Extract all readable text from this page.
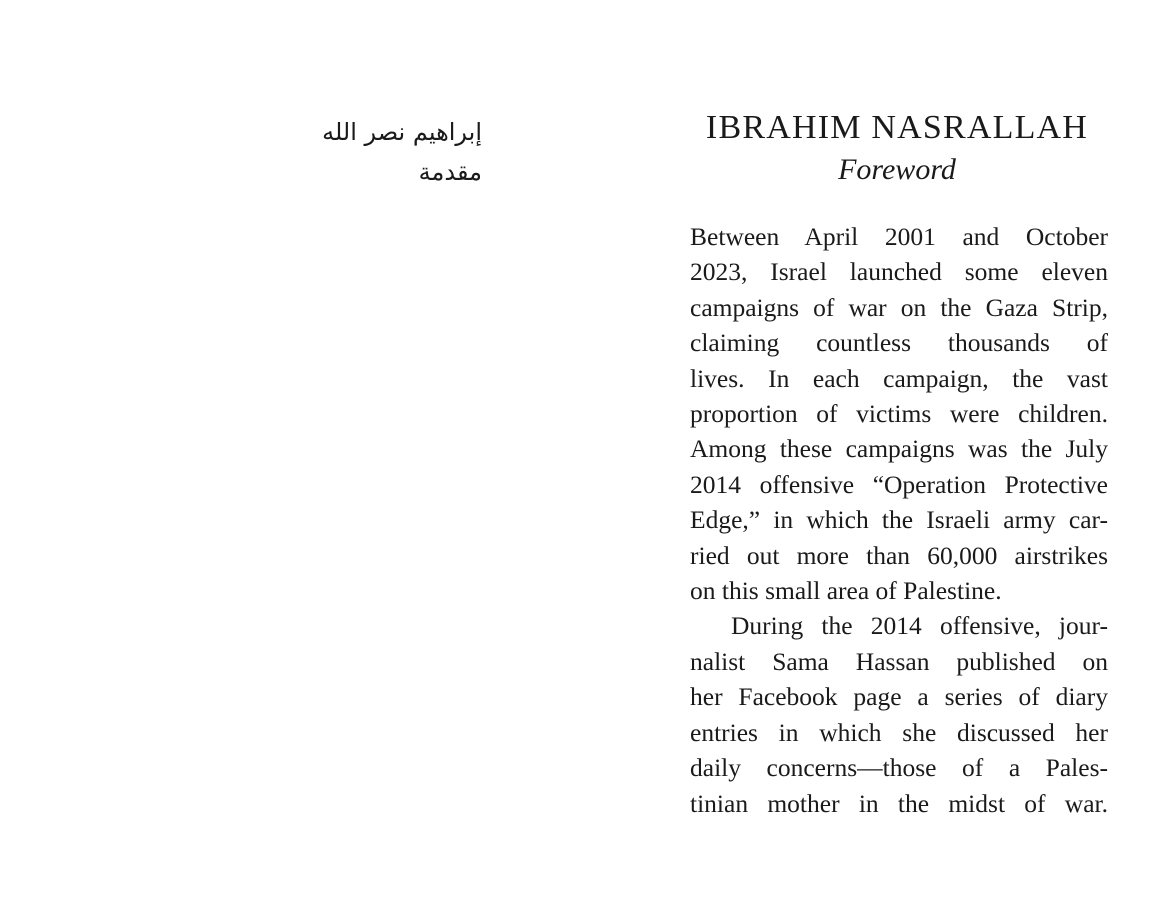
إبراهيم نصر الله
مقدمة
IBRAHIM NASRALLAH
Foreword
Between April 2001 and October
2023, Israel launched some eleven
campaigns of war on the Gaza Strip,
claiming countless thousands of
lives. In each campaign, the vast
proportion of victims were children.
Among these campaigns was the July
2014 offensive “Operation Protective
Edge,” in which the Israeli army car-
ried out more than 60,000 airstrikes
on this small area of Palestine.
During the 2014 offensive, jour-
nalist Sama Hassan published on
her Facebook page a series of diary
entries in which she discussed her
daily concerns—those of a Pales-
tinian mother in the midst of war.
